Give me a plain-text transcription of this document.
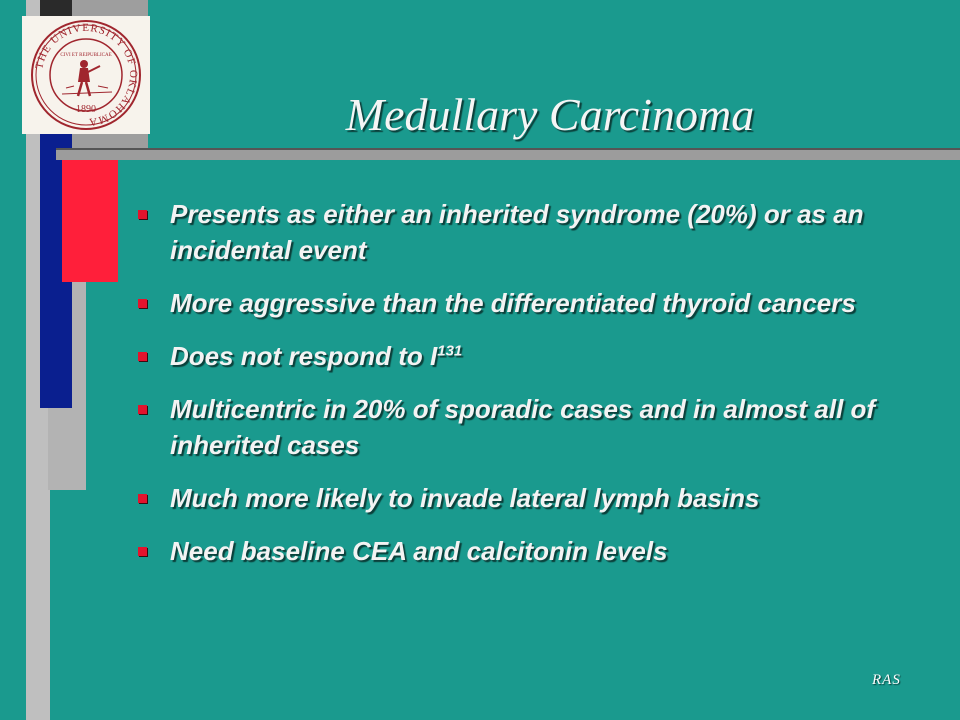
THE UNIVERSITY OF OKLAHOMA
CIVI ET REIPUBLICAE
1890	Medullary Carcinoma
Presents as either an inherited syndrome (20%) or as an incidental event
More aggressive than the differentiated thyroid cancers
Does not respond to $I^{131}$
Multicentric in 20% of sporadic cases and in almost all of inherited cases
Much more likely to invade lateral lymph basins
Need baseline CEA and calcitonin levels
RAS
